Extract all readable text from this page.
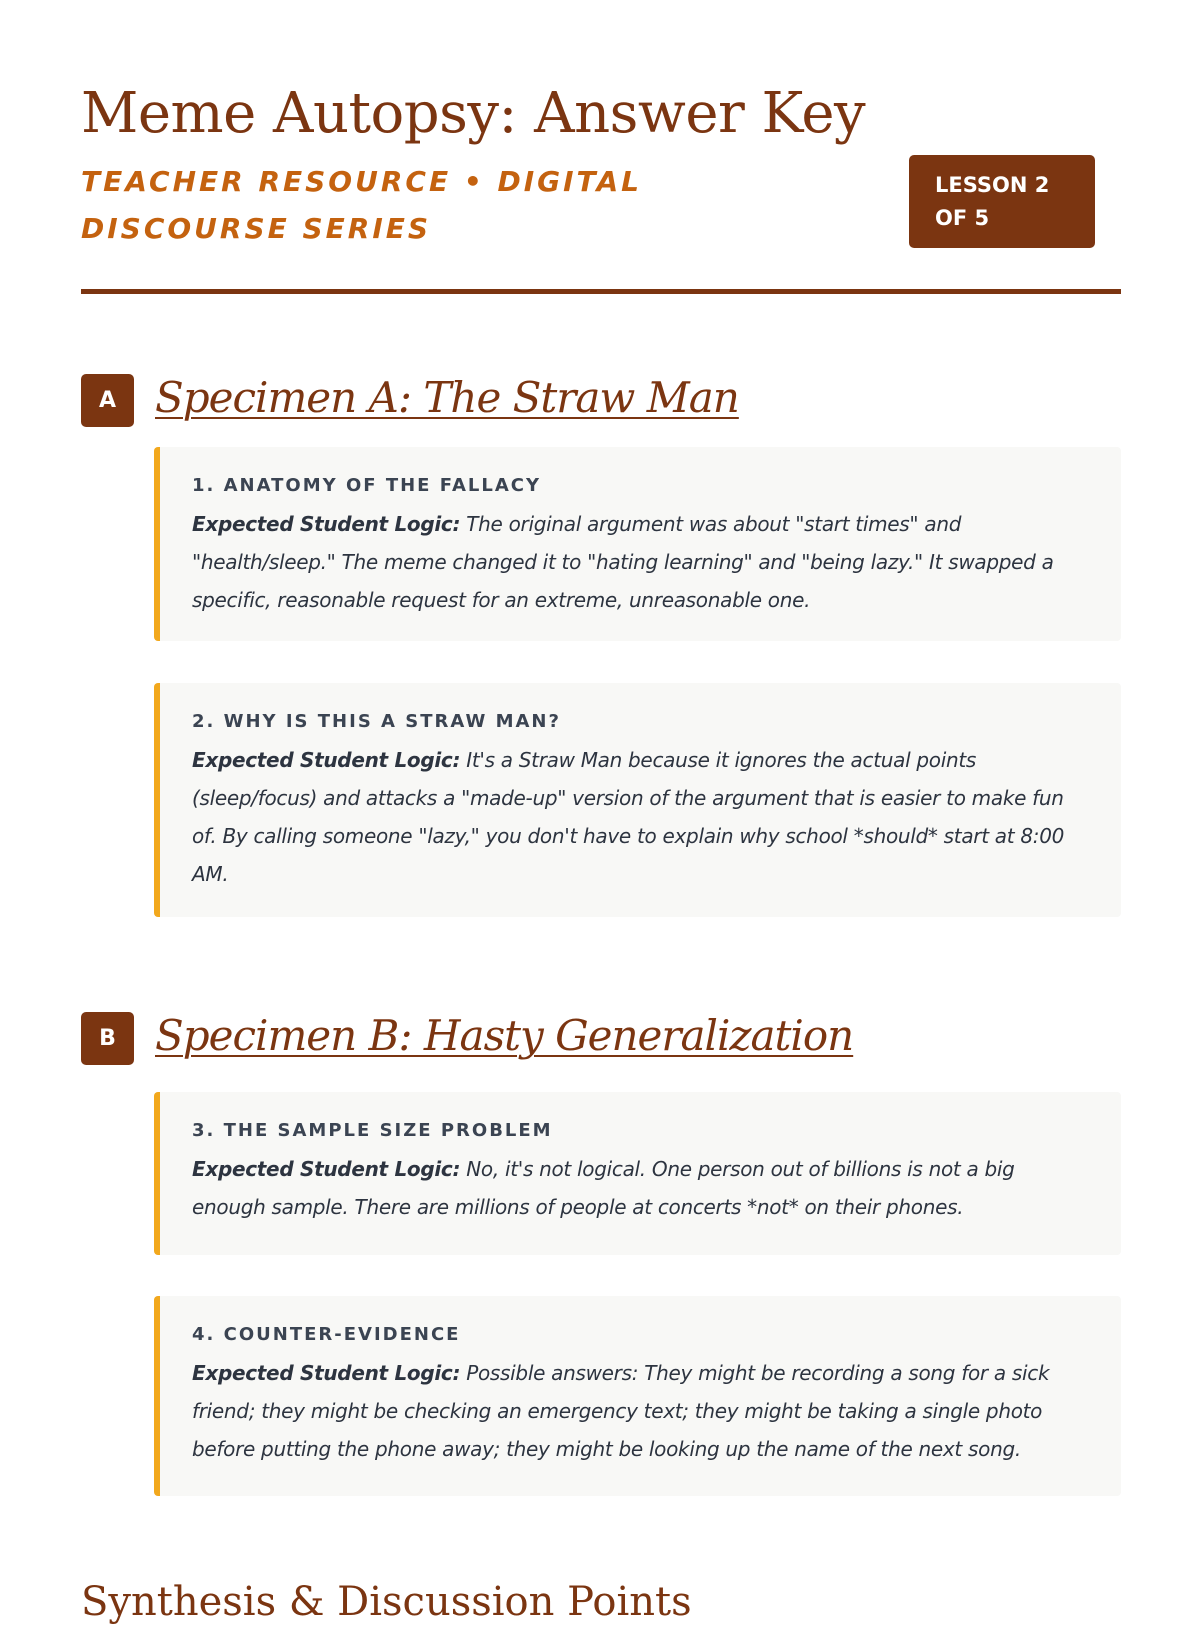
Meme Autopsy: Answer Key
TEACHER RESOURCE • DIGITAL DISCOURSE SERIES
LESSON 2 OF 5
A Specimen A: The Straw Man
1. ANATOMY OF THE FALLACY

Expected Student Logic: The original argument was about "start times" and "health/sleep." The meme changed it to "hating learning" and "being lazy." It swapped a specific, reasonable request for an extreme, unreasonable one.

2. WHY IS THIS A STRAW MAN?

Expected Student Logic: It's a Straw Man because it ignores the actual points (sleep/focus) and attacks a "made-up" version of the argument that is easier to make fun of. By calling someone "lazy," you don't have to explain why school *should* start at 8:00 AM.

B Specimen B: Hasty Generalization
3. THE SAMPLE SIZE PROBLEM

Expected Student Logic: No, it's not logical. One person out of billions is not a big enough sample. There are millions of people at concerts *not* on their phones.

4. COUNTER-EVIDENCE

Expected Student Logic: Possible answers: They might be recording a song for a sick friend; they might be checking an emergency text; they might be taking a single photo before putting the phone away; they might be looking up the name of the next song.

Synthesis & Discussion Points
